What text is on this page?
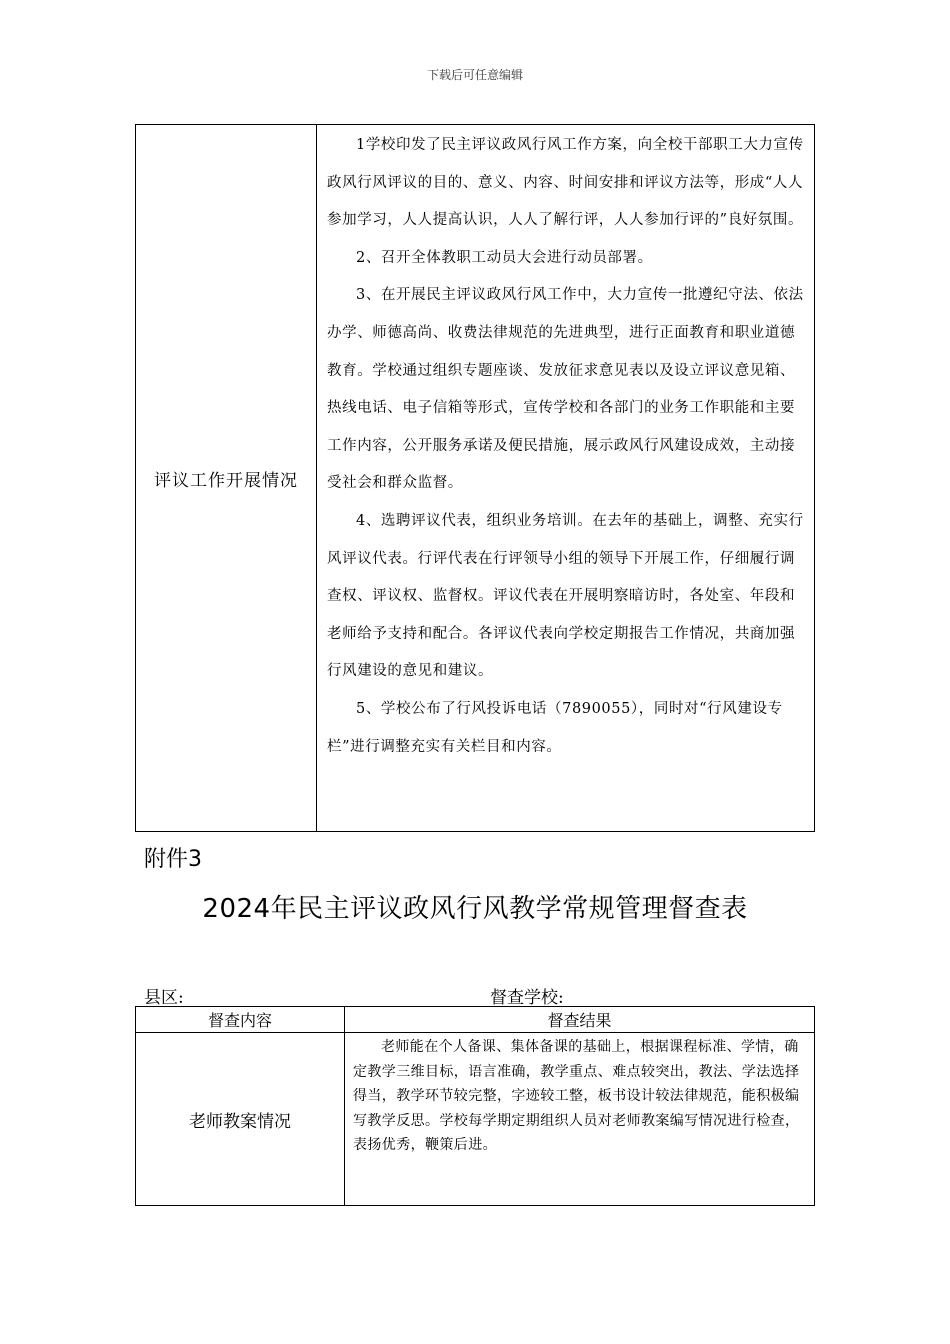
下载后可任意编辑
评议工作开展情况

1学校印发了民主评议政风行风工作方案，向全校干部职工大力宣传政风行风评议的目的、意义、内容、时间安排和评议方法等，形成“人人参加学习，人人提高认识，人人了解行评，人人参加行评的”良好氛围。

2、召开全体教职工动员大会进行动员部署。

3、在开展民主评议政风行风工作中，大力宣传一批遵纪守法、依法办学、师德高尚、收费法律规范的先进典型，进行正面教育和职业道德教育。学校通过组织专题座谈、发放征求意见表以及设立评议意见箱、热线电话、电子信箱等形式，宣传学校和各部门的业务工作职能和主要工作内容，公开服务承诺及便民措施，展示政风行风建设成效，主动接受社会和群众监督。

4、选聘评议代表，组织业务培训。在去年的基础上，调整、充实行风评议代表。行评代表在行评领导小组的领导下开展工作，仔细履行调查权、评议权、监督权。评议代表在开展明察暗访时，各处室、年段和老师给予支持和配合。各评议代表向学校定期报告工作情况，共商加强行风建设的意见和建议。

5、学校公布了行风投诉电话（7890055），同时对“行风建设专栏”进行调整充实有关栏目和内容。

附件3
2024年民主评议政风行风教学常规管理督查表
县区:	督查学校:
督查内容	督查结果
老师教案情况

老师能在个人备课、集体备课的基础上，根据课程标准、学情，确定教学三维目标，语言准确，教学重点、难点较突出，教法、学法选择得当，教学环节较完整，字迹较工整，板书设计较法律规范，能积极编写教学反思。学校每学期定期组织人员对老师教案编写情况进行检查，表扬优秀，鞭策后进。
